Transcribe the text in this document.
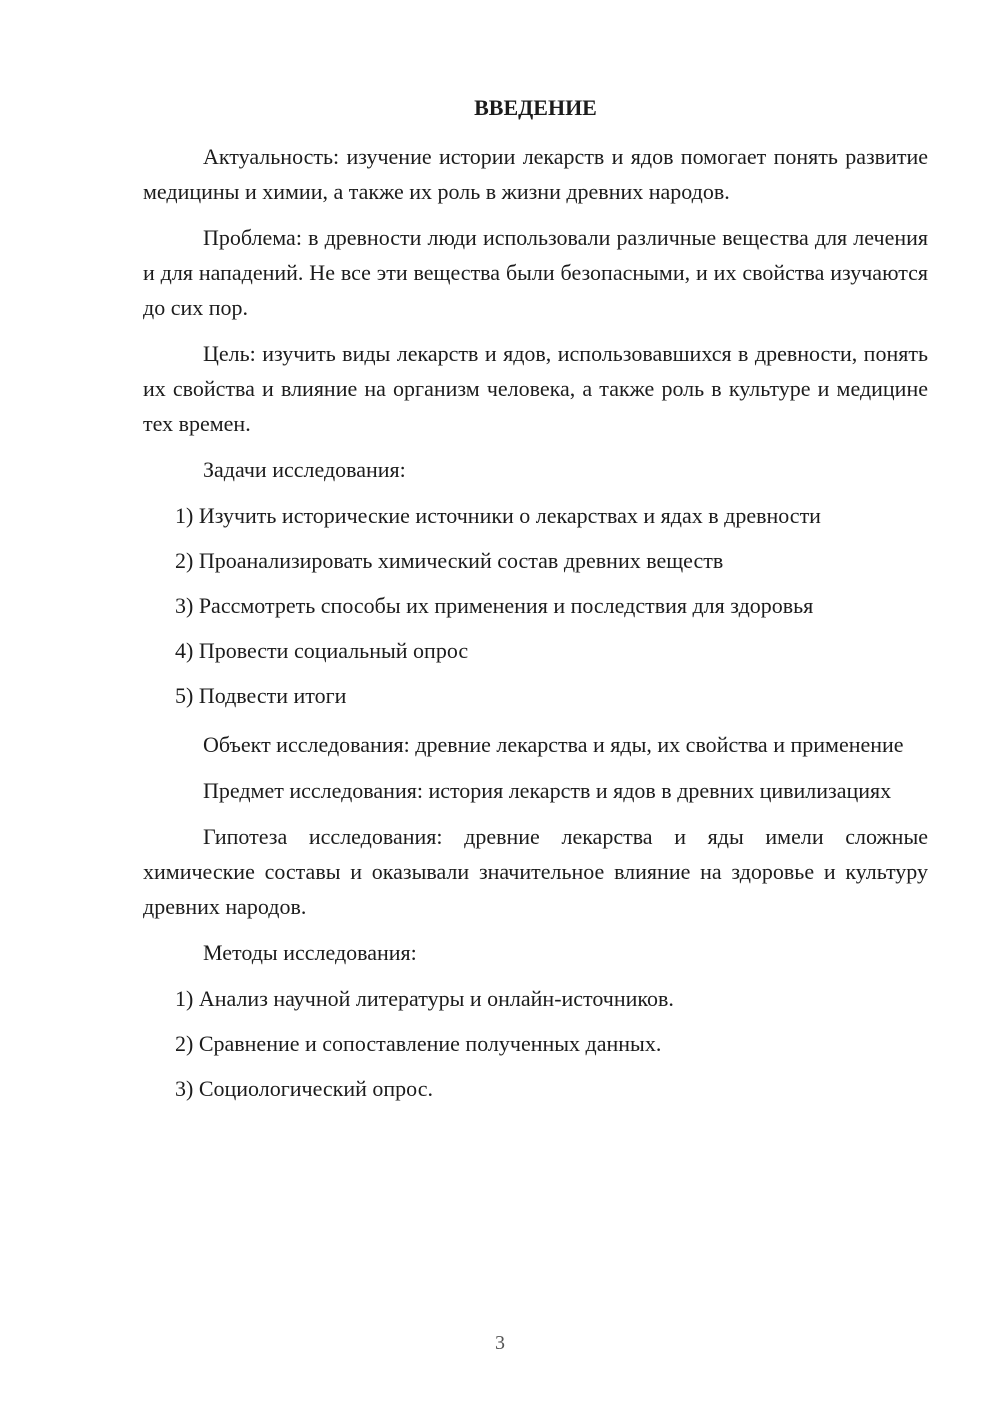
ВВЕДЕНИЕ

Актуальность: изучение истории лекарств и ядов помогает понять развитие медицины и химии, а также их роль в жизни древних народов.

Проблема: в древности люди использовали различные вещества для лечения и для нападений. Не все эти вещества были безопасными, и их свойства изучаются до сих пор.

Цель: изучить виды лекарств и ядов, использовавшихся в древности, понять их свойства и влияние на организм человека, а также роль в культуре и медицине тех времен.

Задачи исследования:

1) Изучить исторические источники о лекарствах и ядах в древности
2) Проанализировать химический состав древних веществ
3) Рассмотреть способы их применения и последствия для здоровья
4) Провести социальный опрос
5) Подвести итоги

Объект исследования: древние лекарства и яды, их свойства и применение

Предмет исследования: история лекарств и ядов в древних цивилизациях

Гипотеза исследования: древние лекарства и яды имели сложные химические составы и оказывали значительное влияние на здоровье и культуру древних народов.

Методы исследования:

1) Анализ научной литературы и онлайн-источников.
2) Сравнение и сопоставление полученных данных.
3) Социологический опрос.
3
